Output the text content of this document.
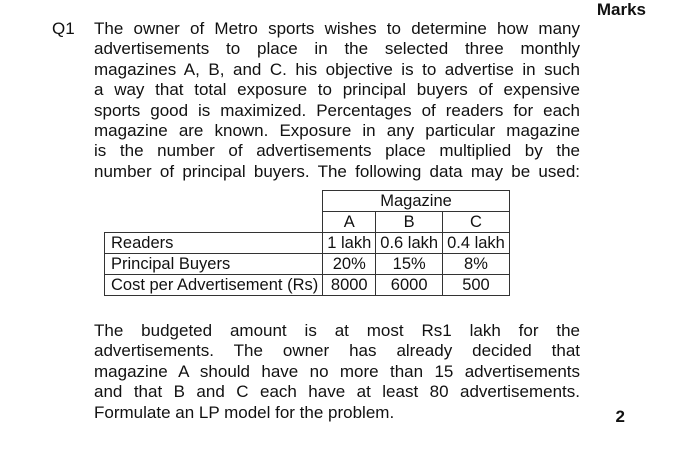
Marks
Q1 The owner of Metro sports wishes to determine how many
advertisements to place in the selected three monthly
magazines A, B, and C. his objective is to advertise in such
a way that total exposure to principal buyers of expensive
sports good is maximized. Percentages of readers for each
magazine are known. Exposure in any particular magazine
is the number of advertisements place multiplied by the
number of principal buyers. The following data may be used:
	Magazine		
	A	B	C
Readers	1 lakh	0.6 lakh	0.4 lakh
Principal Buyers	20%	15%	8%
Cost per Advertisement (Rs)	8000	6000	500
The budgeted amount is at most Rs1 lakh for the
advertisements. The owner has already decided that
magazine A should have no more than 15 advertisements
and that B and C each have at least 80 advertisements.
Formulate an LP model for the problem.	2
